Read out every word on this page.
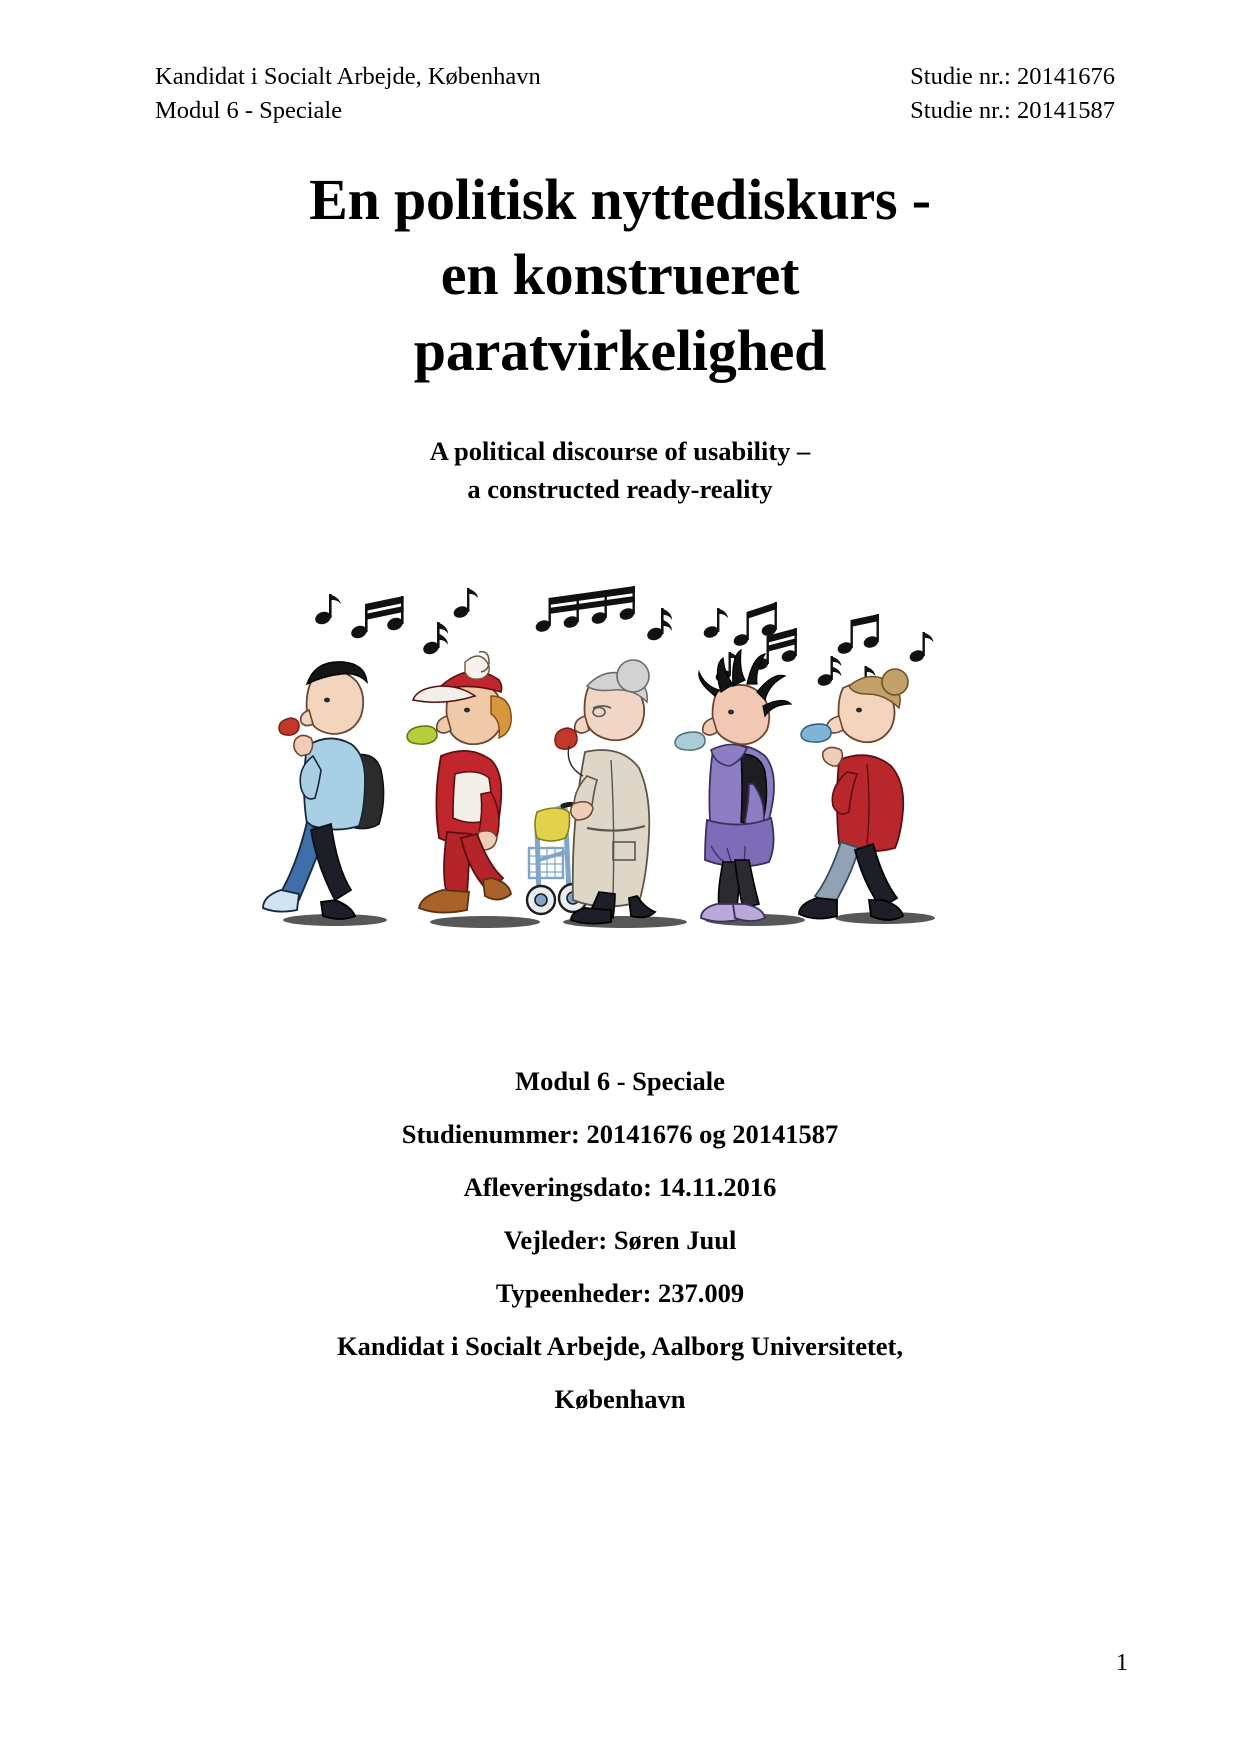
Kandidat i Socialt Arbejde, København
Modul 6 - Speciale
Studie nr.: 20141676
Studie nr.: 20141587
En politisk nyttediskurs -
en konstrueret
paratvirkelighed
A political discourse of usability –
a constructed ready-reality
Modul 6 - Speciale
Studienummer: 20141676 og 20141587
Afleveringsdato: 14.11.2016
Vejleder: Søren Juul
Typeenheder: 237.009
Kandidat i Socialt Arbejde, Aalborg Universitetet,
København
1
